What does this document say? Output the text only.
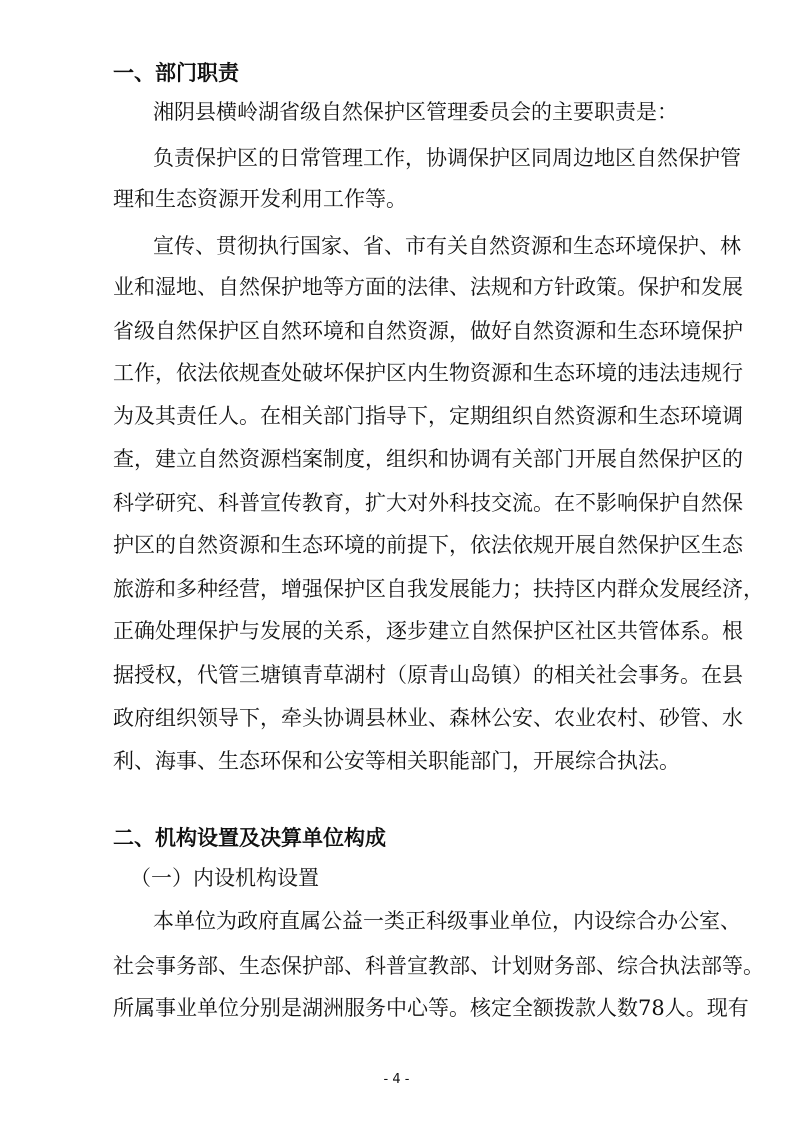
一、部门职责
湘阴县横岭湖省级自然保护区管理委员会的主要职责是：
负责保护区的日常管理工作，协调保护区同周边地区自然保护管
理和生态资源开发利用工作等。
宣传、贯彻执行国家、省、市有关自然资源和生态环境保护、林
业和湿地、自然保护地等方面的法律、法规和方针政策。保护和发展
省级自然保护区自然环境和自然资源，做好自然资源和生态环境保护
工作，依法依规查处破坏保护区内生物资源和生态环境的违法违规行
为及其责任人。在相关部门指导下，定期组织自然资源和生态环境调
查，建立自然资源档案制度，组织和协调有关部门开展自然保护区的
科学研究、科普宣传教育，扩大对外科技交流。在不影响保护自然保
护区的自然资源和生态环境的前提下，依法依规开展自然保护区生态
旅游和多种经营，增强保护区自我发展能力；扶持区内群众发展经济，
正确处理保护与发展的关系，逐步建立自然保护区社区共管体系。根
据授权，代管三塘镇青草湖村（原青山岛镇）的相关社会事务。在县
政府组织领导下，牵头协调县林业、森林公安、农业农村、砂管、水
利、海事、生态环保和公安等相关职能部门，开展综合执法。
二、机构设置及决算单位构成
（一）内设机构设置
本单位为政府直属公益一类正科级事业单位，内设综合办公室、
社会事务部、生态保护部、科普宣教部、计划财务部、综合执法部等。
所属事业单位分别是湖洲服务中心等。核定全额拨款人数78人。现有
- 4 -
